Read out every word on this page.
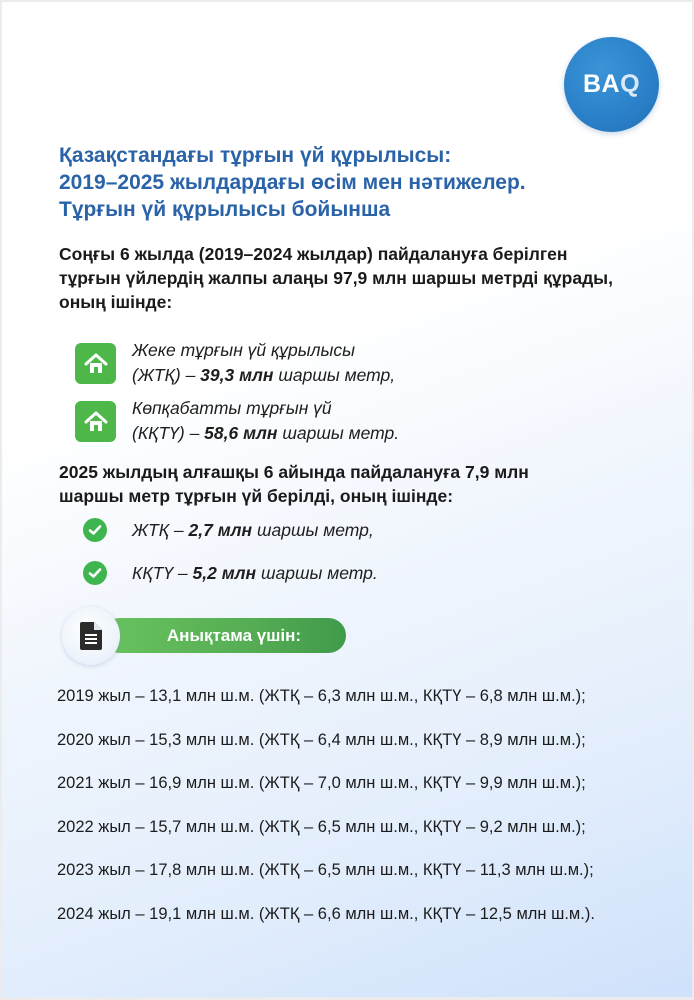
BAQ
Қазақстандағы тұрғын үй құрылысы:
2019–2025 жылдардағы өсім мен нәтижелер.
Тұрғын үй құрылысы бойынша
Соңғы 6 жылда (2019–2024 жылдар) пайдалануға берілген
тұрғын үйлердің жалпы алаңы 97,9 млн шаршы метрді құрады,
оның ішінде:
Жеке тұрғын үй құрылысы
(ЖТҚ) – 39,3 млн шаршы метр,
Көпқабатты тұрғын үй
(КҚТҮ) – 58,6 млн шаршы метр.
2025 жылдың алғашқы 6 айында пайдалануға 7,9 млн
шаршы метр тұрғын үй берілді, оның ішінде:
ЖТҚ – 2,7 млн шаршы метр,
КҚТҮ – 5,2 млн шаршы метр.
Анықтама үшін:
2019 жыл – 13,1 млн ш.м. (ЖТҚ – 6,3 млн ш.м., КҚТҮ – 6,8 млн ш.м.);
2020 жыл – 15,3 млн ш.м. (ЖТҚ – 6,4 млн ш.м., КҚТҮ – 8,9 млн ш.м.);
2021 жыл – 16,9 млн ш.м. (ЖТҚ – 7,0 млн ш.м., КҚТҮ – 9,9 млн ш.м.);
2022 жыл – 15,7 млн ш.м. (ЖТҚ – 6,5 млн ш.м., КҚТҮ – 9,2 млн ш.м.);
2023 жыл – 17,8 млн ш.м. (ЖТҚ – 6,5 млн ш.м., КҚТҮ – 11,3 млн ш.м.);
2024 жыл – 19,1 млн ш.м. (ЖТҚ – 6,6 млн ш.м., КҚТҮ – 12,5 млн ш.м.).
